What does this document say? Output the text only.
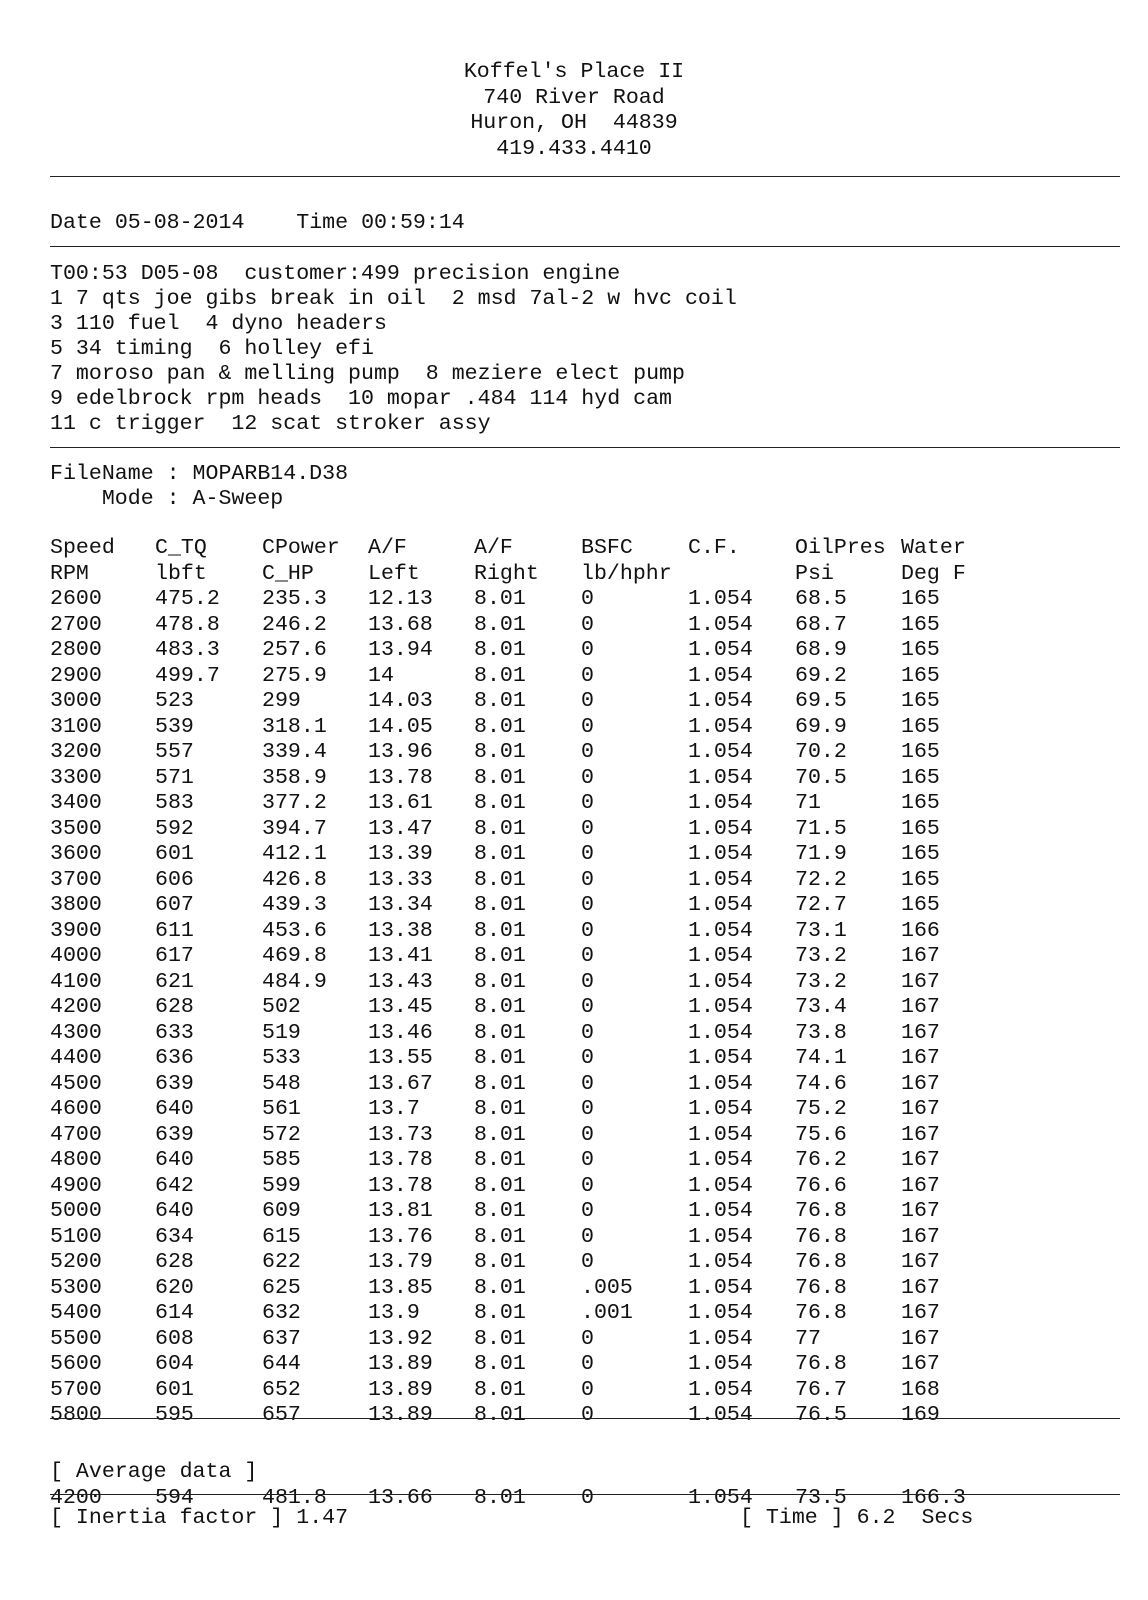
Koffel's Place II
740 River Road
Huron, OH  44839
419.433.4410
Date 05-08-2014 Time 00:59:14
T00:53 D05-08  customer:499 precision engine
1 7 qts joe gibs break in oil  2 msd 7al-2 w hvc coil
3 110 fuel  4 dyno headers
5 34 timing  6 holley efi
7 moroso pan & melling pump  8 meziere elect pump
9 edelbrock rpm heads  10 mopar .484 114 hyd cam
11 c trigger  12 scat stroker assy
FileName : MOPARB14.D38
Mode : A-Sweep
Speed	C_TQ	CPower	A/F	A/F	BSFC	C.F.	OilPres	Water
RPM	lbft	C_HP	Left	Right	lb/hphr		Psi	Deg F
2600	475.2	235.3	12.13	8.01	0	1.054	68.5	165
2700	478.8	246.2	13.68	8.01	0	1.054	68.7	165
2800	483.3	257.6	13.94	8.01	0	1.054	68.9	165
2900	499.7	275.9	14	8.01	0	1.054	69.2	165
3000	523	299	14.03	8.01	0	1.054	69.5	165
3100	539	318.1	14.05	8.01	0	1.054	69.9	165
3200	557	339.4	13.96	8.01	0	1.054	70.2	165
3300	571	358.9	13.78	8.01	0	1.054	70.5	165
3400	583	377.2	13.61	8.01	0	1.054	71	165
3500	592	394.7	13.47	8.01	0	1.054	71.5	165
3600	601	412.1	13.39	8.01	0	1.054	71.9	165
3700	606	426.8	13.33	8.01	0	1.054	72.2	165
3800	607	439.3	13.34	8.01	0	1.054	72.7	165
3900	611	453.6	13.38	8.01	0	1.054	73.1	166
4000	617	469.8	13.41	8.01	0	1.054	73.2	167
4100	621	484.9	13.43	8.01	0	1.054	73.2	167
4200	628	502	13.45	8.01	0	1.054	73.4	167
4300	633	519	13.46	8.01	0	1.054	73.8	167
4400	636	533	13.55	8.01	0	1.054	74.1	167
4500	639	548	13.67	8.01	0	1.054	74.6	167
4600	640	561	13.7	8.01	0	1.054	75.2	167
4700	639	572	13.73	8.01	0	1.054	75.6	167
4800	640	585	13.78	8.01	0	1.054	76.2	167
4900	642	599	13.78	8.01	0	1.054	76.6	167
5000	640	609	13.81	8.01	0	1.054	76.8	167
5100	634	615	13.76	8.01	0	1.054	76.8	167
5200	628	622	13.79	8.01	0	1.054	76.8	167
5300	620	625	13.85	8.01	.005	1.054	76.8	167
5400	614	632	13.9	8.01	.001	1.054	76.8	167
5500	608	637	13.92	8.01	0	1.054	77	167
5600	604	644	13.89	8.01	0	1.054	76.8	167
5700	601	652	13.89	8.01	0	1.054	76.7	168
5800	595	657	13.89	8.01	0	1.054	76.5	169
[ Average data ]
4200	594	481.8	13.66	8.01	0	1.054	73.5	166.3
[ Inertia factor ] 1.47	[ Time ] 6.2 Secs
